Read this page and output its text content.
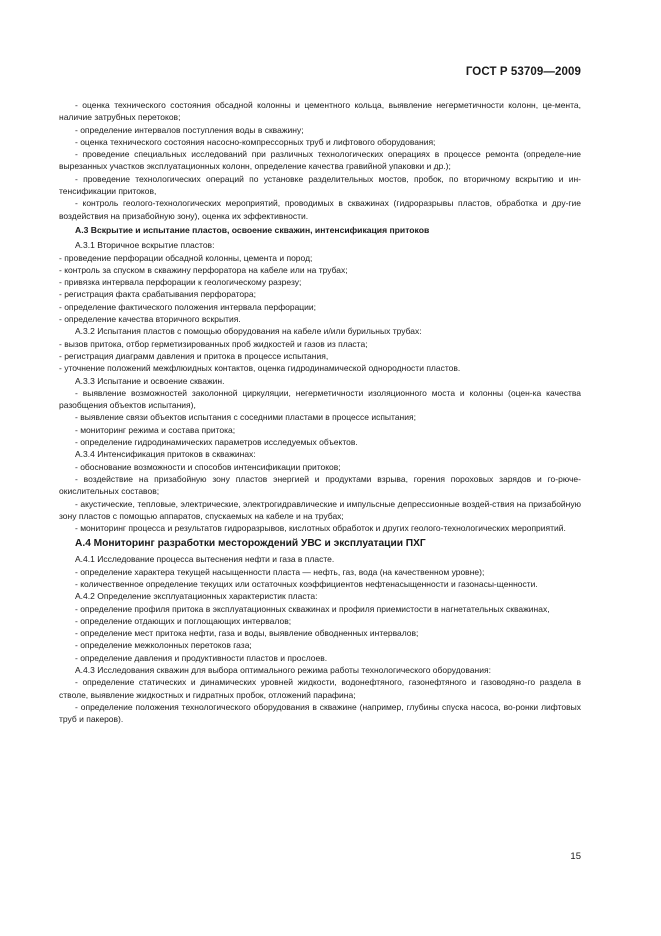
ГОСТ Р 53709—2009

- оценка технического состояния обсадной колонны и цементного кольца, выявление негерметичности колонн, це-мента, наличие затрубных перетоков;

- определение интервалов поступления воды в скважину;

- оценка технического состояния насосно-компрессорных труб и лифтового оборудования;

- проведение специальных исследований при различных технологических операциях в процессе ремонта (определе-ние вырезанных участков эксплуатационных колонн, определение качества гравийной упаковки и др.);

- проведение технологических операций по установке разделительных мостов, пробок, по вторичному вскрытию и ин-тенсификации притоков,

- контроль геолого-технологических мероприятий, проводимых в скважинах (гидроразрывы пластов, обработка и дру-гие воздействия на призабойную зону), оценка их эффективности.

А.3 Вскрытие и испытание пластов, освоение скважин, интенсификация притоков

А.3.1 Вторичное вскрытие пластов:

- проведение перфорации обсадной колонны, цемента и пород;

- контроль за спуском в скважину перфоратора на кабеле или на трубах;

- привязка интервала перфорации к геологическому разрезу;

- регистрация факта срабатывания перфоратора;

- определение фактического положения интервала перфорации;

- определение качества вторичного вскрытия.

А.3.2 Испытания пластов с помощью оборудования на кабеле и/или бурильных трубах:

- вызов притока, отбор герметизированных проб жидкостей и газов из пласта;

- регистрация диаграмм давления и притока в процессе испытания,

- уточнение положений межфлюидных контактов, оценка гидродинамической однородности пластов.

А.3.3 Испытание и освоение скважин.

- выявление возможностей заколонной циркуляции, негерметичности изоляционного моста и колонны (оцен-ка качества разобщения объектов испытания),

- выявление связи объектов испытания с соседними пластами в процессе испытания;

- мониторинг режима и состава притока;

- определение гидродинамических параметров исследуемых объектов.

А.3.4 Интенсификация притоков в скважинах:

- обоснование возможности и способов интенсификации притоков;

- воздействие на призабойную зону пластов энергией и продуктами взрыва, горения пороховых зарядов и го-рюче-окислительных составов;

- акустические, тепловые, электрические, электрогидравлические и импульсные депрессионные воздей-ствия на призабойную зону пластов с помощью аппаратов, спускаемых на кабеле и на трубах;

- мониторинг процесса и результатов гидроразрывов, кислотных обработок и других геолого-технологических мероприятий.

А.4 Мониторинг разработки месторождений УВС и эксплуатации ПХГ

А.4.1 Исследование процесса вытеснения нефти и газа в пласте.

- определение характера текущей насыщенности пласта — нефть, газ, вода (на качественном уровне);

- количественное определение текущих или остаточных коэффициентов нефтенасыщенности и газонасы-щенности.

А.4.2 Определение эксплуатационных характеристик пласта:

- определение профиля притока в эксплуатационных скважинах и профиля приемистости в нагнетательных скважинах,

- определение отдающих и поглощающих интервалов;

- определение мест притока нефти, газа и воды, выявление обводненных интервалов;

- определение межколонных перетоков газа;

- определение давления и продуктивности пластов и прослоев.

А.4.3 Исследования скважин для выбора оптимального режима работы технологического оборудования:

- определение статических и динамических уровней жидкости, водонефтяного, газонефтяного и газоводяно-го раздела в стволе, выявление жидкостных и гидратных пробок, отложений парафина;

- определение положения технологического оборудования в скважине (например, глубины спуска насоса, во-ронки лифтовых труб и пакеров).

15
